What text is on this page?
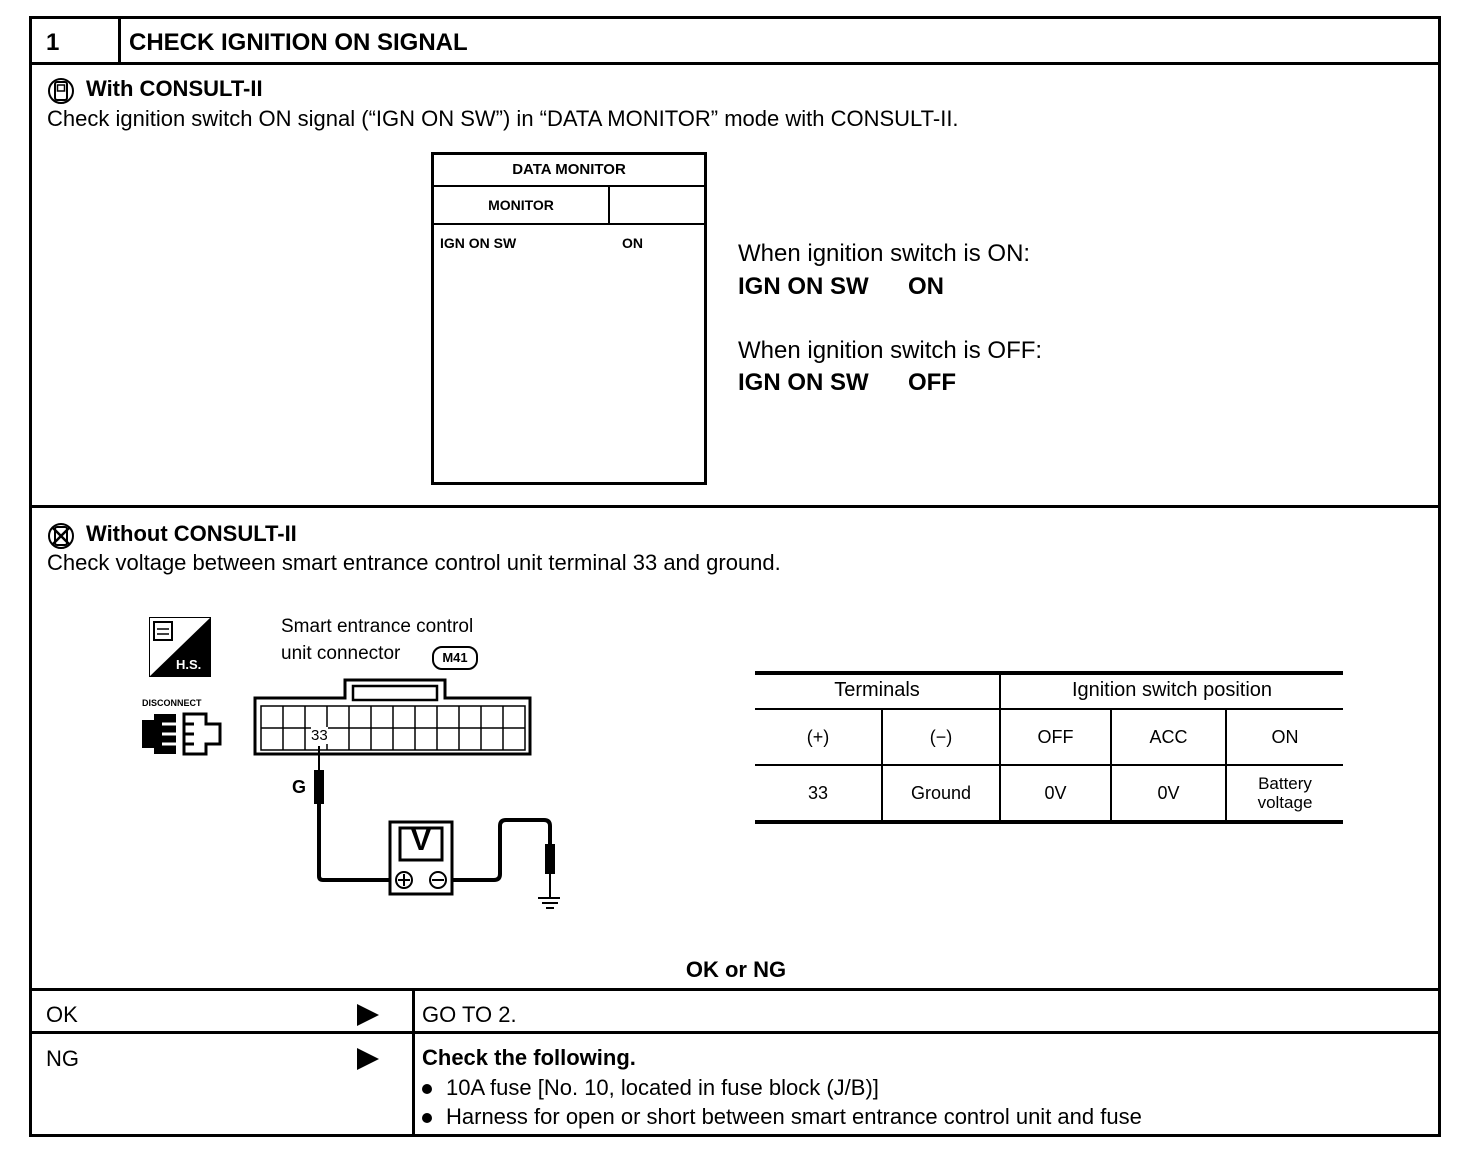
1	CHECK IGNITION ON SIGNAL
With CONSULT-II
Check ignition switch ON signal (“IGN ON SW”) in “DATA MONITOR” mode with CONSULT-II.
DATA MONITOR
MONITOR
IGN ON SW	ON	When ignition switch is ON:
IGN ON SW ON
When ignition switch is OFF:
IGN ON SW OFF
Without CONSULT-II
Check voltage between smart entrance control unit terminal 33 and ground.
H.S.
DISCONNECT
Smart entrance control
unit connector	M41
33
G
V
Terminals		Ignition switch position		
(+)	(−)	OFF	ACC	ON
33	Ground	0V	0V	Battery voltage
OK or NG
OK	GO TO 2.
NG	Check the following.
10A fuse [No. 10, located in fuse block (J/B)]
Harness for open or short between smart entrance control unit and fuse
